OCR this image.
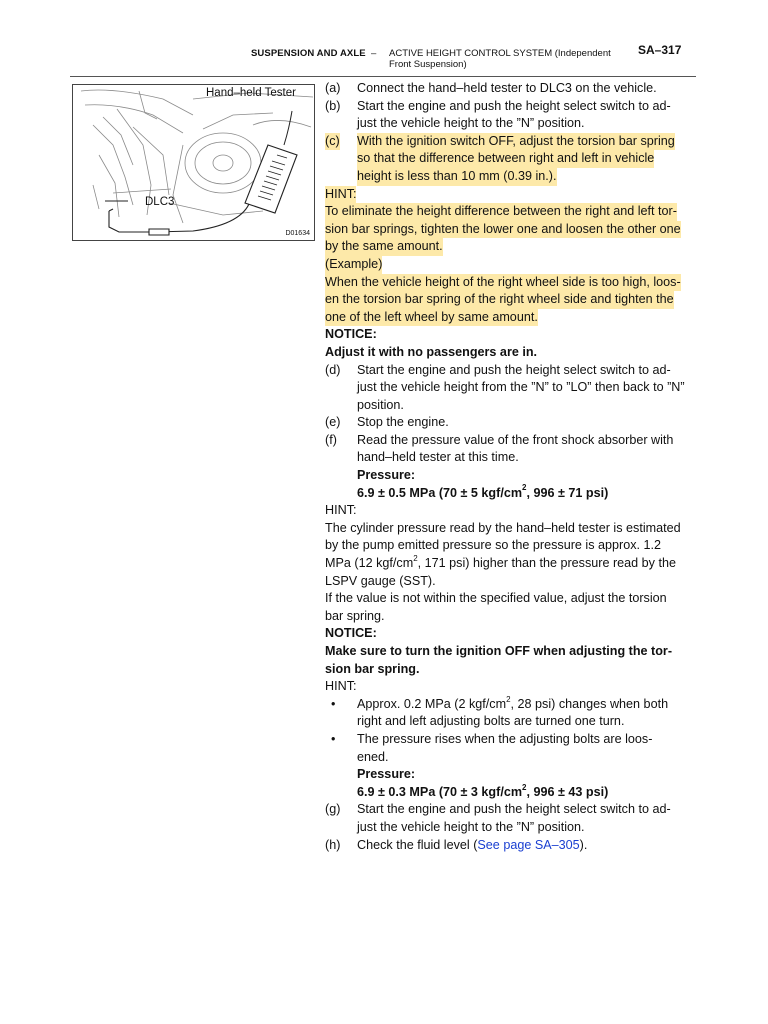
SUSPENSION AND AXLE – ACTIVE HEIGHT CONTROL SYSTEM (Independent
Front Suspension)
SA–317
Hand–held Tester
DLC3
D01634
(a) Connect the hand–held tester to DLC3 on the vehicle.
(b) Start the engine and push the height select switch to ad-
just the vehicle height to the ”N” position.
(c) With the ignition switch OFF, adjust the torsion bar spring
so that the difference between right and left in vehicle
height is less than 10 mm (0.39 in.).
HINT:
To eliminate the height difference between the right and left tor-
sion bar springs, tighten the lower one and loosen the other one
by the same amount.
(Example)
When the vehicle height of the right wheel side is too high, loos-
en the torsion bar spring of the right wheel side and tighten the
one of the left wheel by same amount.
NOTICE:
Adjust it with no passengers are in.
(d) Start the engine and push the height select switch to ad-
just the vehicle height from the ”N” to ”LO” then back to ”N”
position.
(e) Stop the engine.
(f) Read the pressure value of the front shock absorber with
hand–held tester at this time.
Pressure:
6.9 ± 0.5 MPa (70 ± 5 kgf/$cm^2$, 996 ± 71 psi)
HINT:
The cylinder pressure read by the hand–held tester is estimated
by the pump emitted pressure so the pressure is approx. 1.2
MPa (12 kgf/$cm^2$, 171 psi) higher than the pressure read by the
LSPV gauge (SST).
If the value is not within the specified value, adjust the torsion
bar spring.
NOTICE:
Make sure to turn the ignition OFF when adjusting the tor-
sion bar spring.
HINT:
• Approx. 0.2 MPa (2 kgf/$cm^2$, 28 psi) changes when both
right and left adjusting bolts are turned one turn.
• The pressure rises when the adjusting bolts are loos-
ened.
Pressure:
6.9 ± 0.3 MPa (70 ± 3 kgf/$cm^2$, 996 ± 43 psi)
(g) Start the engine and push the height select switch to ad-
just the vehicle height to the ”N” position.
(h) Check the fluid level (See page SA–305).
